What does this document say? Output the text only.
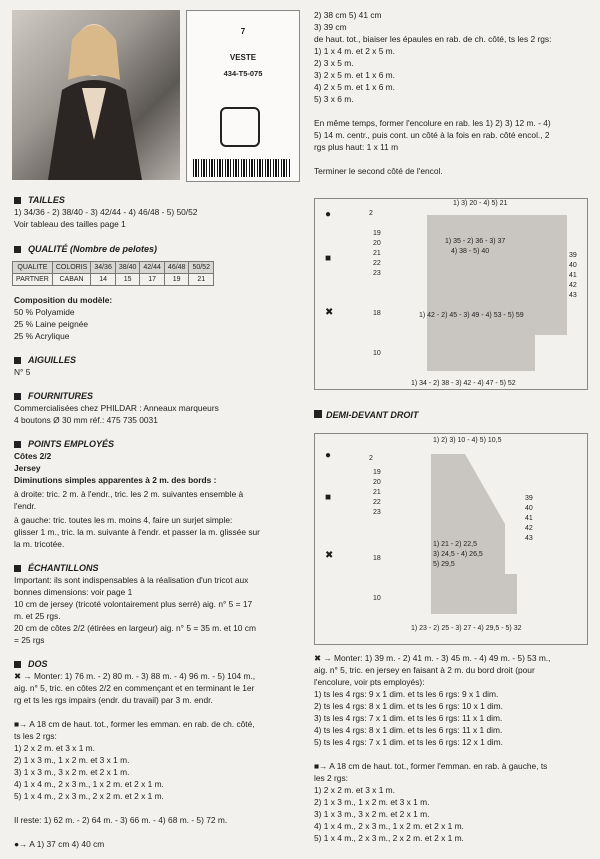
7
VESTE
434-T5-075
TAILLES
1) 34/36 - 2) 38/40 - 3) 42/44 - 4) 46/48 - 5) 50/52
Voir tableau des tailles page 1
QUALITÉ (Nombre de pelotes)
QUALITE	COLORIS	34/36	38/40	42/44	46/48	50/52
PARTNER	CABAN	14	15	17	19	21
Composition du modèle:
50 % Polyamide
25 % Laine peignée
25 % Acrylique
AIGUILLES
N° 5
FOURNITURES
Commercialisées chez PHILDAR : Anneaux marqueurs
4 boutons Ø 30 mm réf.: 475 735 0031
POINTS EMPLOYÉS
Côtes 2/2
Jersey
Diminutions simples apparentes à 2 m. des bords :
à droite: tric. 2 m. à l'endr., tric. les 2 m. suivantes ensemble à
l'endr.
à gauche: tric. toutes les m. moins 4, faire un surjet simple:
glisser 1 m., tric. la m. suivante à l'endr. et passer la m. glissée sur
la m. tricotée.
ÉCHANTILLONS
Important: ils sont indispensables à la réalisation d'un tricot aux
bonnes dimensions: voir page 1
10 cm de jersey (tricoté volontairement plus serré) aig. n° 5 = 17
m. et 25 rgs.
20 cm de côtes 2/2 (étirées en largeur) aig. n° 5 = 35 m. et 10 cm
= 25 rgs
DOS
✖ → Monter: 1) 76 m. - 2) 80 m. - 3) 88 m. - 4) 96 m. - 5) 104 m.,
aig. n° 5, tric. en côtes 2/2 en commençant et en terminant le 1er
rg et ts les rgs impairs (endr. du travail) par 3 m. endr.
■→ A 18 cm de haut. tot., former les emman. en rab. de ch. côté,
ts les 2 rgs:
1) 2 x 2 m. et 3 x 1 m.
2) 1 x 3 m., 1 x 2 m. et 3 x 1 m.
3) 1 x 3 m., 3 x 2 m. et 2 x 1 m.
4) 1 x 4 m., 2 x 3 m., 1 x 2 m. et 2 x 1 m.
5) 1 x 4 m., 2 x 3 m., 2 x 2 m. et 2 x 1 m.
Il reste: 1) 62 m. - 2) 64 m. - 3) 66 m. - 4) 68 m. - 5) 72 m.
●→ A 1) 37 cm 4) 40 cm
2) 38 cm 5) 41 cm
3) 39 cm
de haut. tot., biaiser les épaules en rab. de ch. côté, ts les 2 rgs:
1) 1 x 4 m. et 2 x 5 m.
2) 3 x 5 m.
3) 2 x 5 m. et 1 x 6 m.
4) 2 x 5 m. et 1 x 6 m.
5) 3 x 6 m.
En même temps, former l'encolure en rab. les 1) 2) 3) 12 m. - 4)
5) 14 m. centr., puis cont. un côté à la fois en rab. côté encol., 2
rgs plus haut: 1 x 11 m
Terminer le second côté de l'encol.
1) 3) 20 - 4) 5) 21
1) 35 - 2) 36 - 3) 37
4) 38 - 5) 40
1) 42 - 2) 45 - 3) 49 - 4) 53 - 5) 59
1) 34 - 2) 38 - 3) 42 - 4) 47 - 5) 52
●
■
✖
2
19
20
21
22
23
18
10
39
40
41
42
43
DEMI-DEVANT DROIT
1) 2) 3) 10 - 4) 5) 10,5
1) 21 - 2) 22,5
3) 24,5 - 4) 26,5
5) 29,5
1) 23 - 2) 25 - 3) 27 - 4) 29,5 - 5) 32
●
■
✖
2
19
20
21
22
23
18
10
39
40
41
42
43
✖ → Monter: 1) 39 m. - 2) 41 m. - 3) 45 m. - 4) 49 m. - 5) 53 m.,
aig. n° 5, tric. en jersey en faisant à 2 m. du bord droit (pour
l'encolure, voir pts employés):
1) ts les 4 rgs: 9 x 1 dim. et ts les 6 rgs: 9 x 1 dim.
2) ts les 4 rgs: 8 x 1 dim. et ts les 6 rgs: 10 x 1 dim.
3) ts les 4 rgs: 7 x 1 dim. et ts les 6 rgs: 11 x 1 dim.
4) ts les 4 rgs: 8 x 1 dim. et ts les 6 rgs: 11 x 1 dim.
5) ts les 4 rgs: 7 x 1 dim. et ts les 6 rgs: 12 x 1 dim.
■→ A 18 cm de haut. tot., former l'emman. en rab. à gauche, ts
les 2 rgs:
1) 2 x 2 m. et 3 x 1 m.
2) 1 x 3 m., 1 x 2 m. et 3 x 1 m.
3) 1 x 3 m., 3 x 2 m. et 2 x 1 m.
4) 1 x 4 m., 2 x 3 m., 1 x 2 m. et 2 x 1 m.
5) 1 x 4 m., 2 x 3 m., 2 x 2 m. et 2 x 1 m.
